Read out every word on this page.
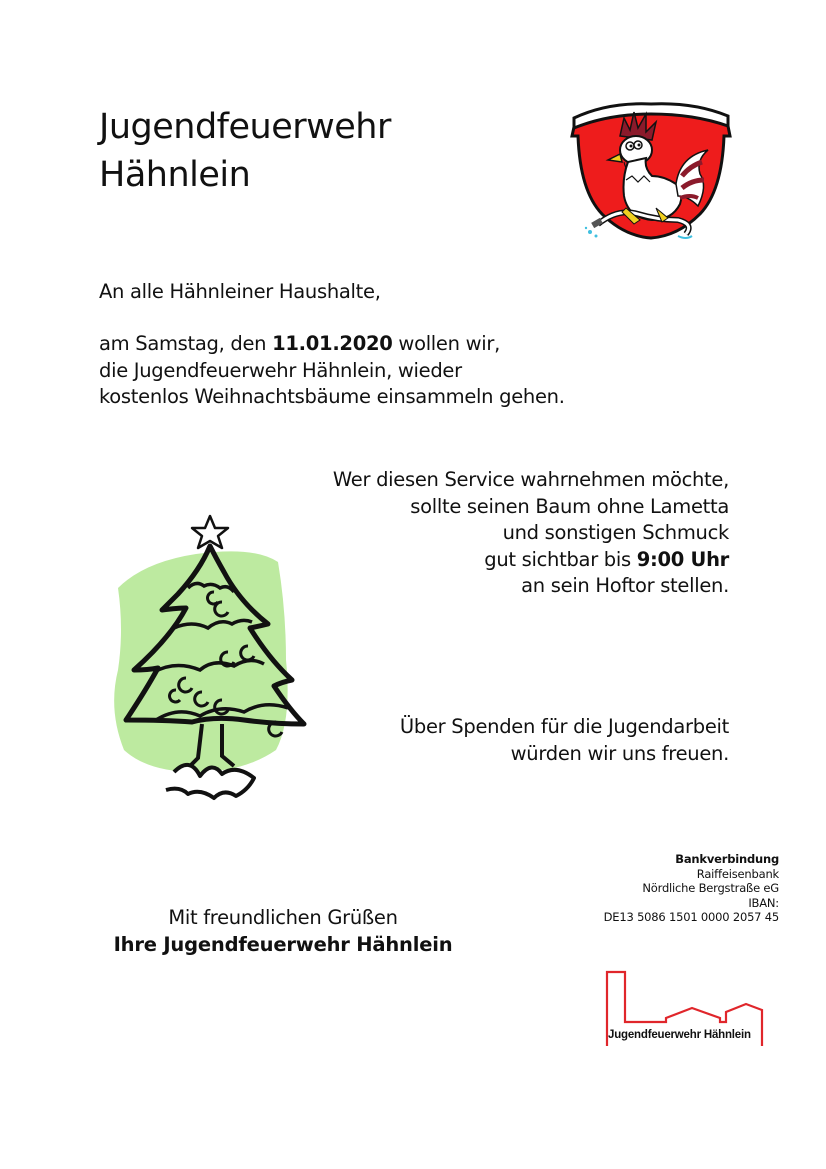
Jugendfeuerwehr
Hähnlein
An alle Hähnleiner Haushalte,
am Samstag, den 11.01.2020 wollen wir,
die Jugendfeuerwehr Hähnlein, wieder
kostenlos Weihnachtsbäume einsammeln gehen.
Wer diesen Service wahrnehmen möchte,
sollte seinen Baum ohne Lametta
und sonstigen Schmuck
gut sichtbar bis 9:00 Uhr
an sein Hoftor stellen.
Über Spenden für die Jugendarbeit
würden wir uns freuen.
Bankverbindung
Raiffeisenbank
Nördliche Bergstraße eG
IBAN:
DE13 5086 1501 0000 2057 45
Mit freundlichen Grüßen
Ihre Jugendfeuerwehr Hähnlein
Jugendfeuerwehr Hähnlein
